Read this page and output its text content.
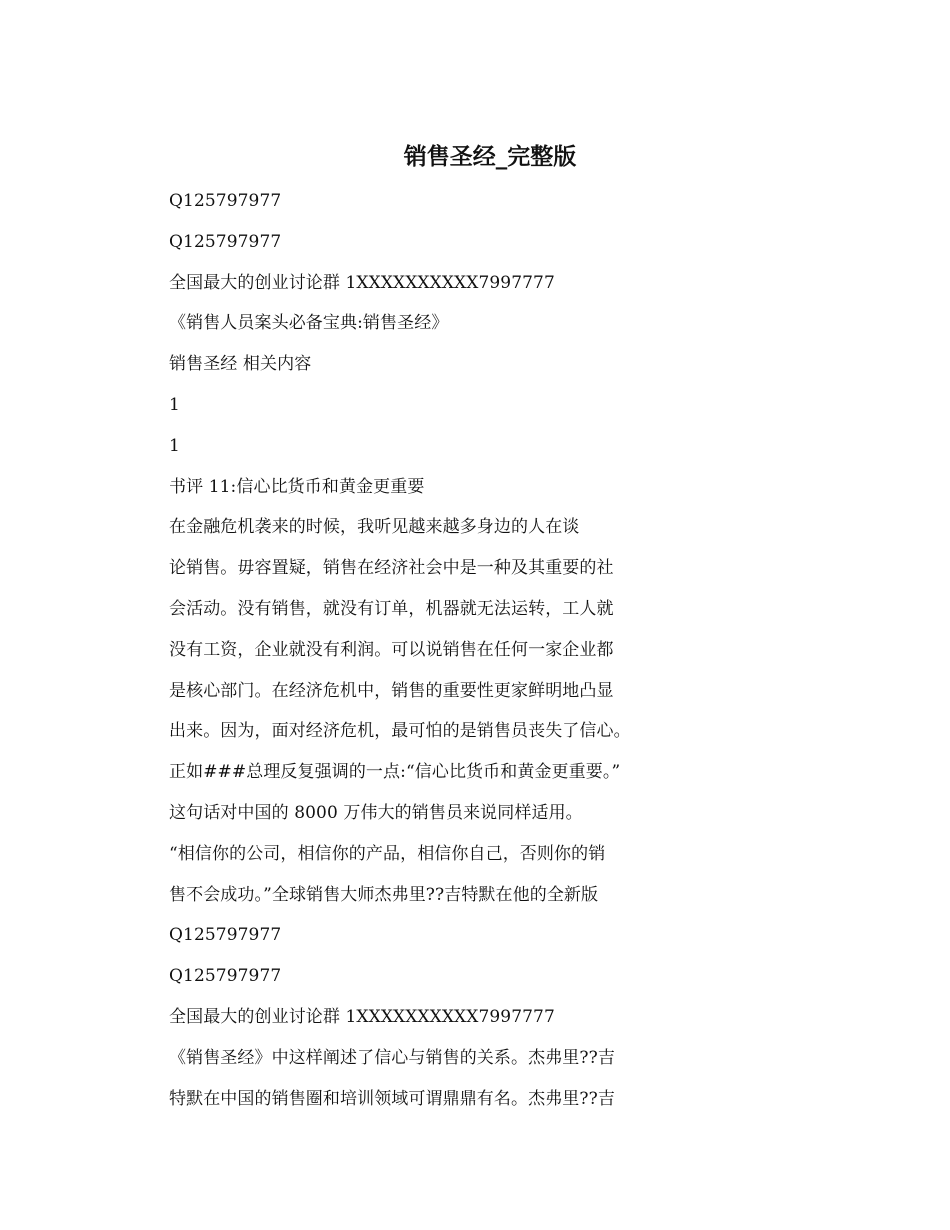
销售圣经_完整版
Q125797977
Q125797977
全国最大的创业讨论群 1XXXXXXXXXX7997777
《销售人员案头必备宝典:销售圣经》
销售圣经 相关内容
1
1
书评 11:信心比货币和黄金更重要
在金融危机袭来的时候，我听见越来越多身边的人在谈
论销售。毋容置疑，销售在经济社会中是一种及其重要的社
会活动。没有销售，就没有订单，机器就无法运转，工人就
没有工资，企业就没有利润。可以说销售在任何一家企业都
是核心部门。在经济危机中，销售的重要性更家鲜明地凸显
出来。因为，面对经济危机，最可怕的是销售员丧失了信心。
正如###总理反复强调的一点:“信心比货币和黄金更重要。”
这句话对中国的 8000 万伟大的销售员来说同样适用。
“相信你的公司，相信你的产品，相信你自己，否则你的销
售不会成功。”全球销售大师杰弗里??吉特默在他的全新版
Q125797977
Q125797977
全国最大的创业讨论群 1XXXXXXXXXX7997777
《销售圣经》中这样阐述了信心与销售的关系。杰弗里??吉
特默在中国的销售圈和培训领域可谓鼎鼎有名。杰弗里??吉
